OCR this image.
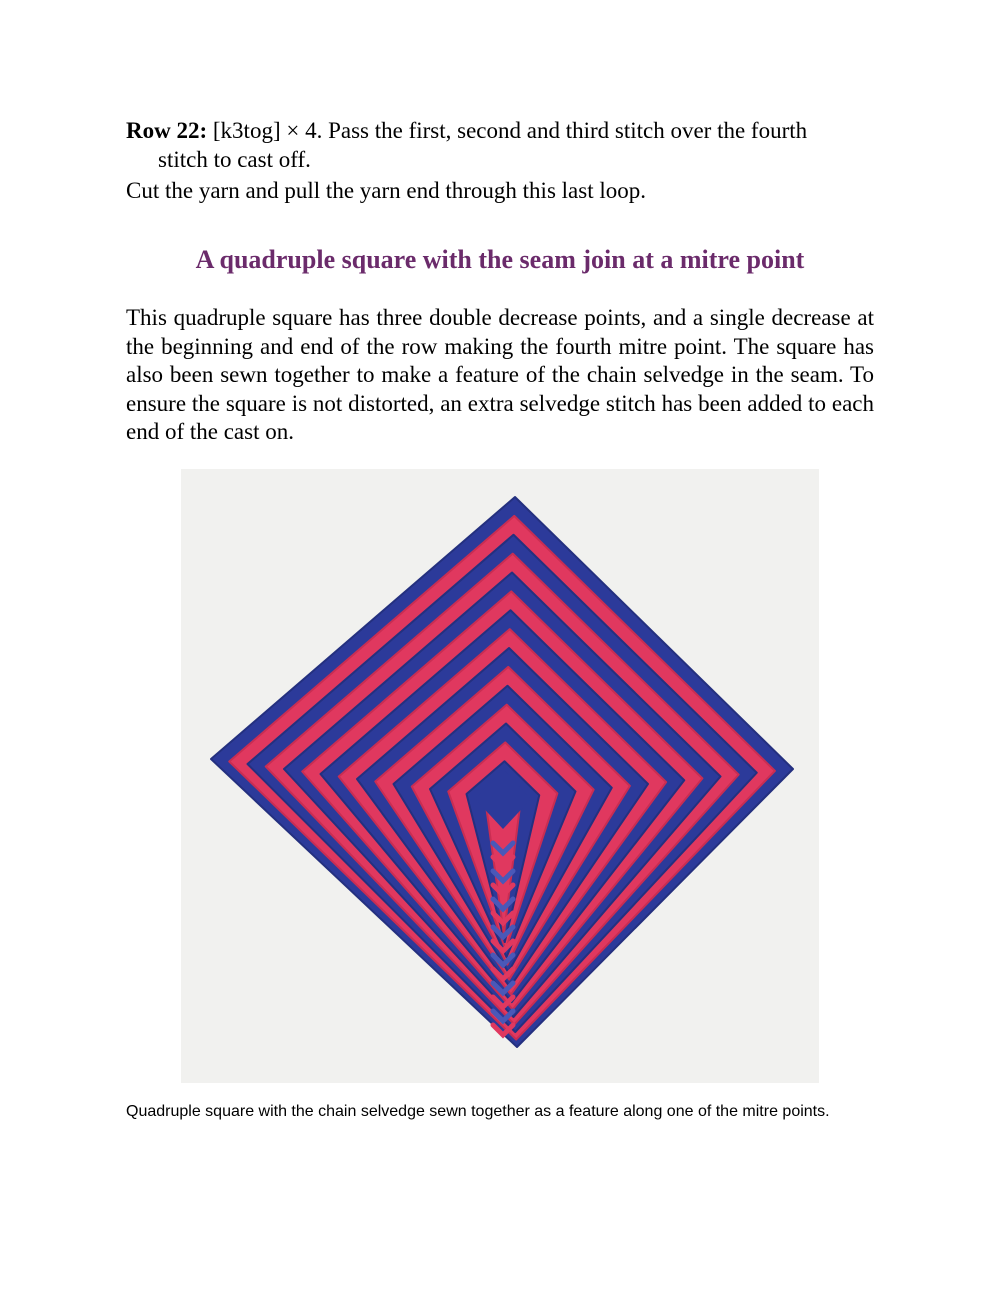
Row 22: [k3tog] × 4. Pass the first, second and third stitch over the fourth
stitch to cast off.
Cut the yarn and pull the yarn end through this last loop.
A quadruple square with the seam join at a mitre point
This quadruple square has three double decrease points, and a single decrease at the beginning and end of the row making the fourth mitre point. The square has also been sewn together to make a feature of the chain selvedge in the seam. To ensure the square is not distorted, an extra selvedge stitch has been added to each end of the cast on.
Quadruple square with the chain selvedge sewn together as a feature along one of the mitre points.
